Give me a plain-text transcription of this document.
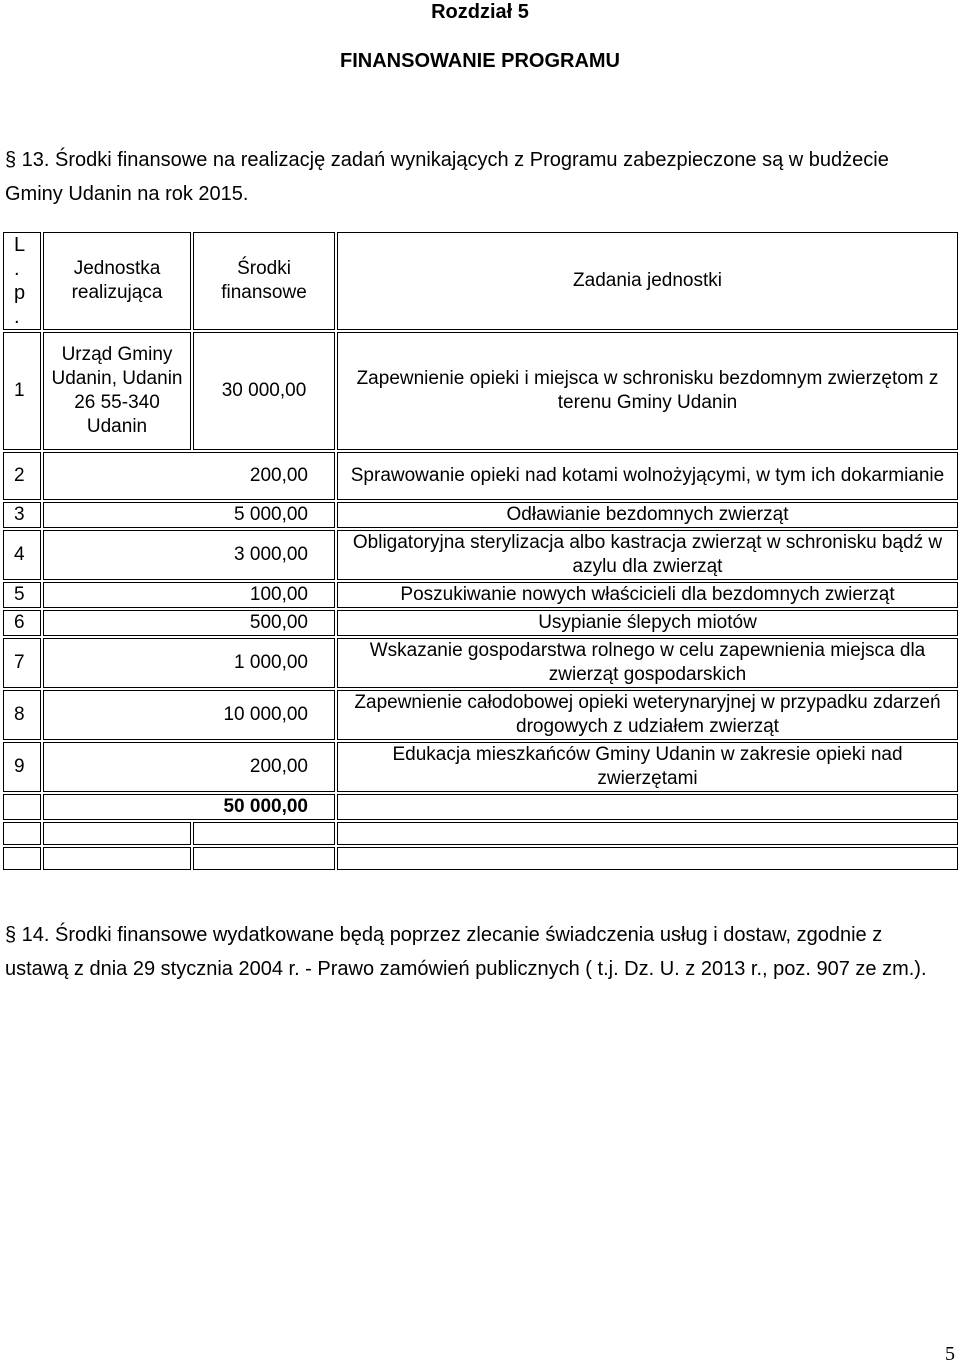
Rozdział 5
FINANSOWANIE PROGRAMU
§ 13. Środki finansowe na realizację zadań wynikających z Programu zabezpieczone są w budżecie Gminy Udanin na rok 2015.
L
.
p
.	Jednostka realizująca	Środki finansowe	Zadania jednostki
1	Urząd Gminy Udanin, Udanin 26 55-340 Udanin	30 000,00	Zapewnienie opieki i miejsca w schronisku bezdomnym zwierzętom z terenu Gminy Udanin
2	200,00		Sprawowanie opieki nad kotami wolnożyjącymi, w tym ich dokarmianie
3	5 000,00		Odławianie bezdomnych zwierząt
4	3 000,00		Obligatoryjna sterylizacja albo kastracja zwierząt w schronisku bądź w azylu dla zwierząt
5	100,00		Poszukiwanie nowych właścicieli dla bezdomnych zwierząt
6	500,00		Usypianie ślepych miotów
7	1 000,00		Wskazanie gospodarstwa rolnego w celu zapewnienia miejsca dla zwierząt gospodarskich
8	10 000,00		Zapewnienie całodobowej opieki weterynaryjnej w przypadku zdarzeń drogowych z udziałem zwierząt
9	200,00		Edukacja mieszkańców Gminy Udanin w zakresie opieki nad zwierzętami
	50 000,00		

§ 14. Środki finansowe wydatkowane będą poprzez zlecanie świadczenia usług i dostaw, zgodnie z ustawą z dnia 29 stycznia 2004 r. - Prawo zamówień publicznych ( t.j. Dz. U. z 2013 r., poz. 907 ze zm.).
5
